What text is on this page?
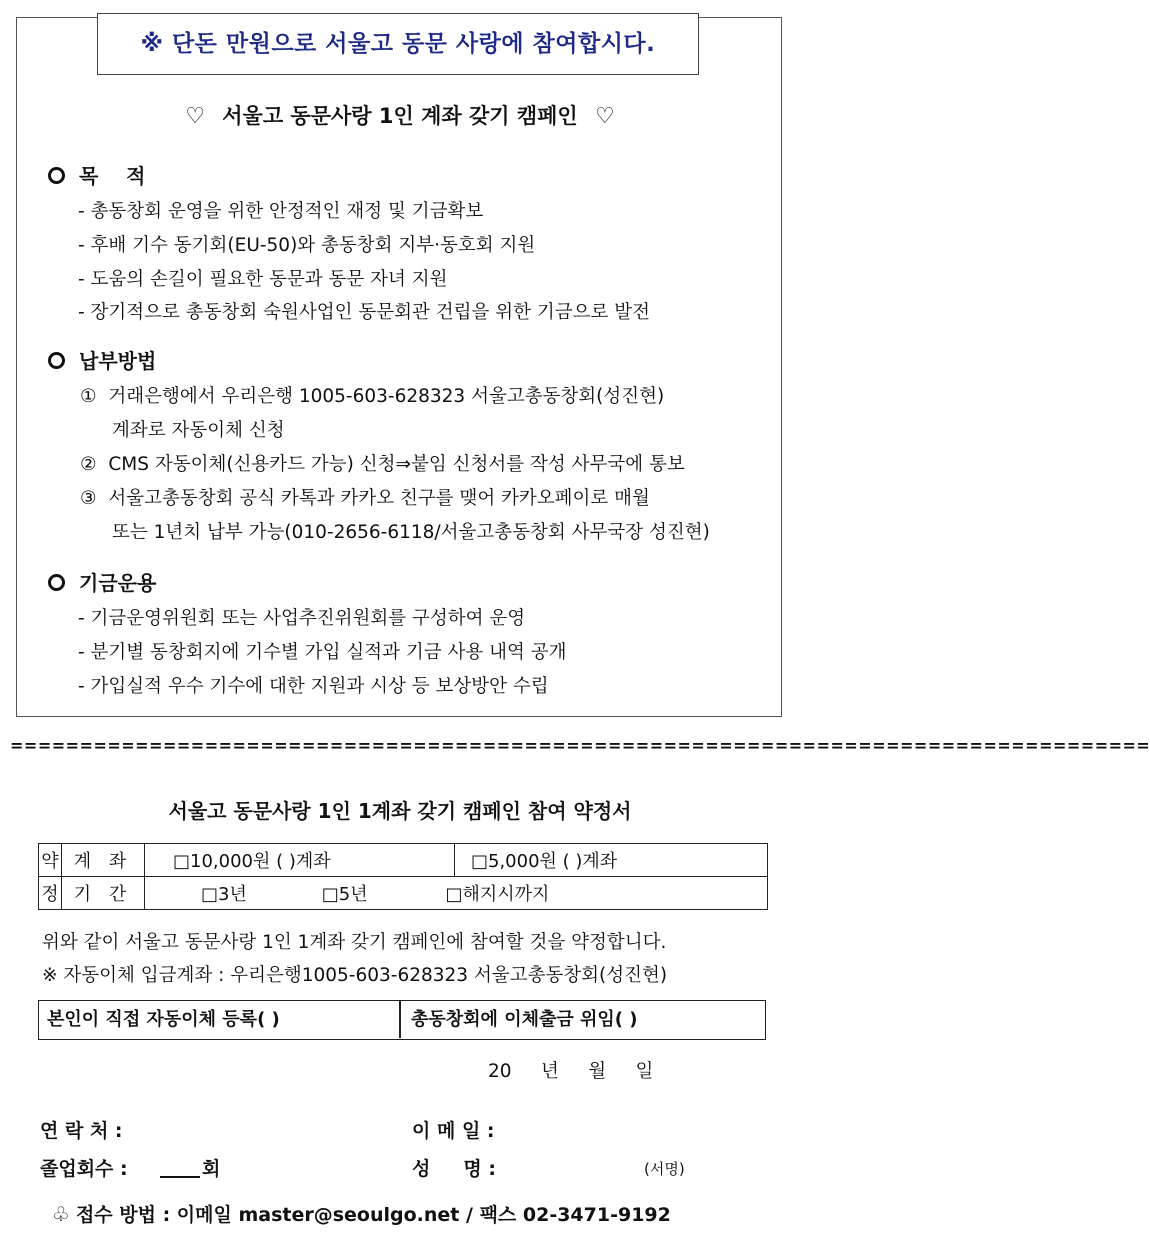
※ 단돈 만원으로 서울고 동문 사랑에 참여합시다.
♡ 서울고 동문사랑 1인 계좌 갖기 캠페인 ♡
목    적
- 총동창회 운영을 위한 안정적인 재정 및 기금확보
- 후배 기수 동기회(EU-50)와 총동창회 지부·동호회 지원
- 도움의 손길이 필요한 동문과 동문 자녀 지원
- 장기적으로 총동창회 숙원사업인 동문회관 건립을 위한 기금으로 발전
납부방법
① 거래은행에서 우리은행 1005-603-628323 서울고총동창회(성진현)
계좌로 자동이체 신청
② CMS 자동이체(신용카드 가능) 신청⇒붙임 신청서를 작성 사무국에 통보
③ 서울고총동창회 공식 카톡과 카카오 친구를 맺어 카카오페이로 매월
또는 1년치 납부 가능(010-2656-6118/서울고총동창회 사무국장 성진현)
기금운용
- 기금운영위원회 또는 사업추진위원회를 구성하여 운영
- 분기별 동창회지에 기수별 가입 실적과 기금 사용 내역 공개
- 가입실적 우수 기수에 대한 지원과 시상 등 보상방안 수립
==================================================================================
서울고 동문사랑 1인 1계좌 갖기 캠페인 참여 약정서
약	계 좌	□10,000원 ( )계좌	□5,000원 ( )계좌
정	기 간	□3년 □5년 □해지시까지	
위와 같이 서울고 동문사랑 1인 1계좌 갖기 캠페인에 참여할 것을 약정합니다.
※ 자동이체 입금계좌 : 우리은행1005-603-628323 서울고총동창회(성진현)
본인이 직접 자동이체 등록( )	총동창회에 이체출금 위임( )
20     년     월     일
연 락 처 :	이 메 일 :
졸업회수 :	회	성     명 :	(서명)
♧ 접수 방법 : 이메일 master@seoulgo.net / 팩스 02-3471-9192
